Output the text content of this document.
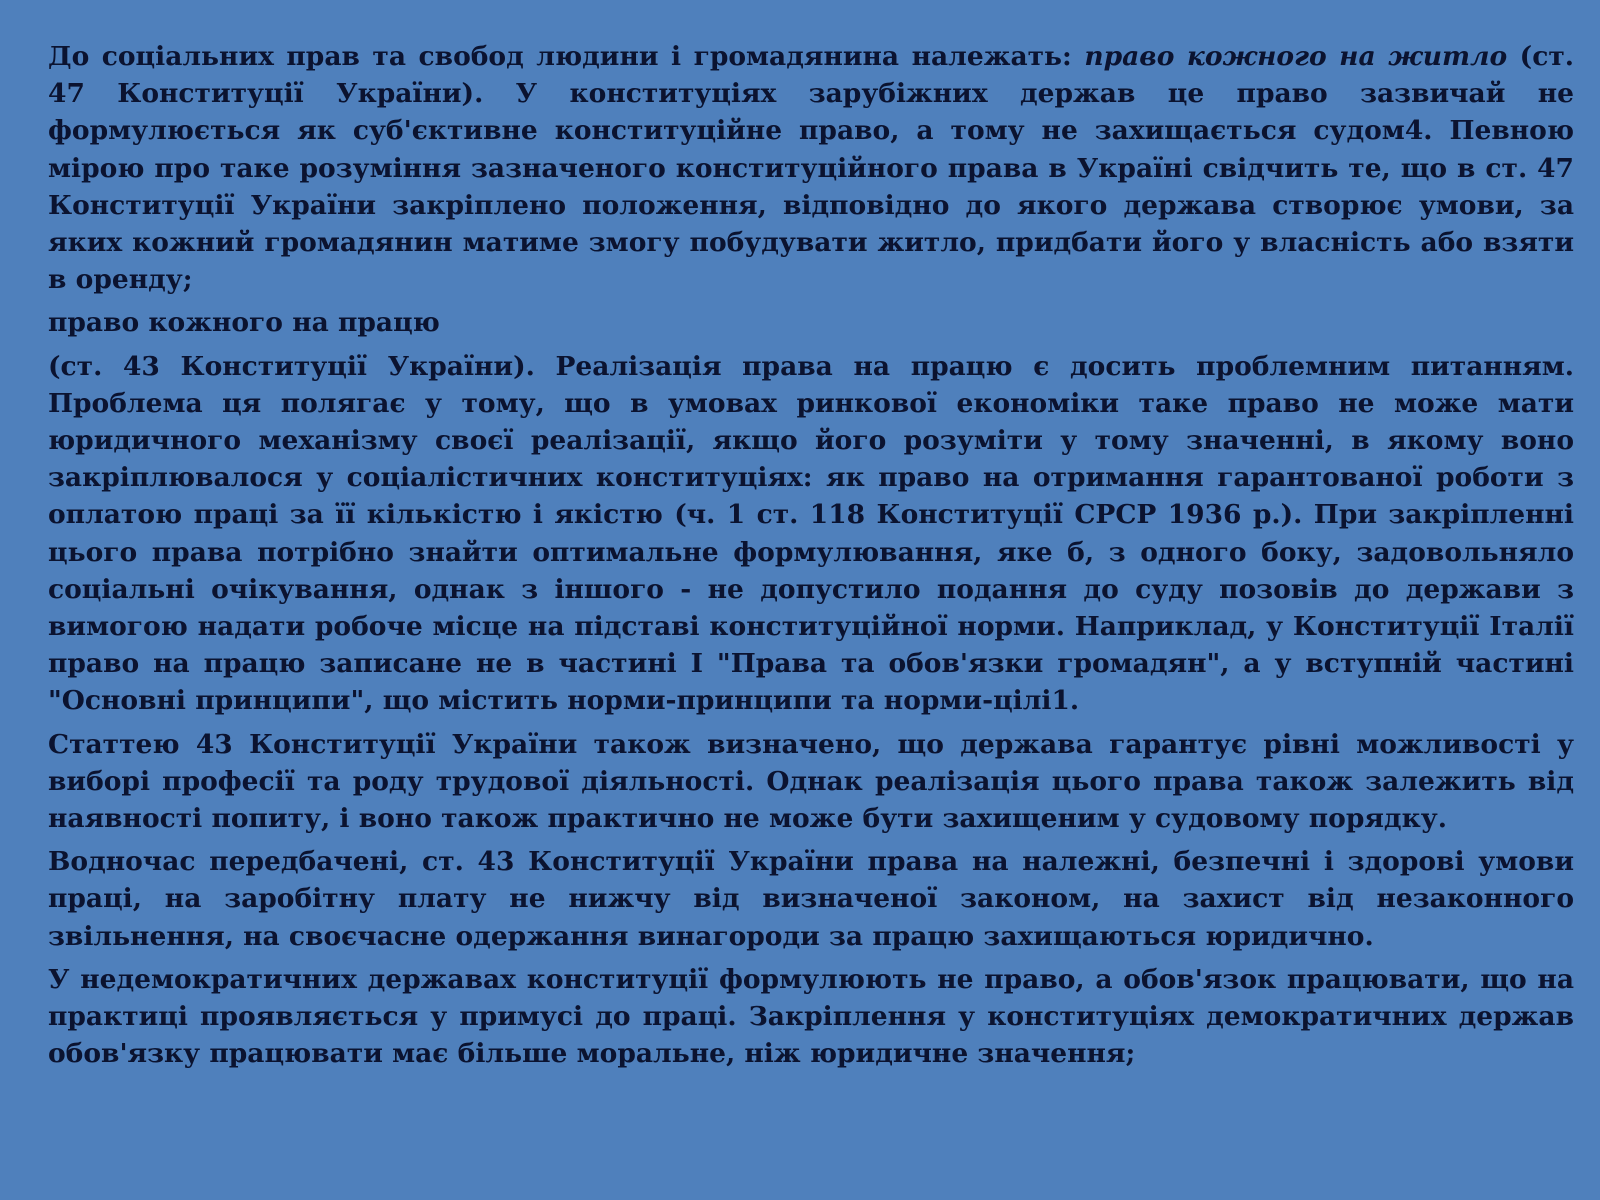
До соціальних прав та свобод людини і громадянина належать: право кожного на житло (ст. 47 Конституції України). У конституціях зарубіжних держав це право зазвичай не формулюється як суб'єктивне конституційне право, а тому не захищається судом4. Певною мірою про таке розуміння зазначеного конституційного права в Україні свідчить те, що в ст. 47 Конституції України закріплено положення, відповідно до якого держава створює умови, за яких кожний громадянин матиме змогу побудувати житло, придбати його у власність або взяти в оренду;

право кожного на працю

(ст. 43 Конституції України). Реалізація права на працю є досить проблемним питанням. Проблема ця полягає у тому, що в умовах ринкової економіки таке право не може мати юридичного механізму своєї реалізації, якщо його розуміти у тому значенні, в якому воно закріплювалося у соціалістичних конституціях: як право на отримання гарантованої роботи з оплатою праці за її кількістю і якістю (ч. 1 ст. 118 Конституції СРСР 1936 р.). При закріпленні цього права потрібно знайти оптимальне формулювання, яке б, з одного боку, задовольняло соціальні очікування, однак з іншого - не допустило подання до суду позовів до держави з вимогою надати робоче місце на підставі конституційної норми. Наприклад, у Конституції Італії право на працю записане не в частині I "Права та обов'язки громадян", а у вступній частині "Основні принципи", що містить норми-принципи та норми-цілі1.

Статтею 43 Конституції України також визначено, що держава гарантує рівні можливості у виборі професії та роду трудової діяльності. Однак реалізація цього права також залежить від наявності попиту, і воно також практично не може бути захищеним у судовому порядку.

Водночас передбачені, ст. 43 Конституції України права на належні, безпечні і здорові умови праці, на заробітну плату не нижчу від визначеної законом, на захист від незаконного звільнення, на своєчасне одержання винагороди за працю захищаються юридично.

У недемократичних державах конституції формулюють не право, а обов'язок працювати, що на практиці проявляється у примусі до праці. Закріплення у конституціях демократичних держав обов'язку працювати має більше моральне, ніж юридичне значення;
